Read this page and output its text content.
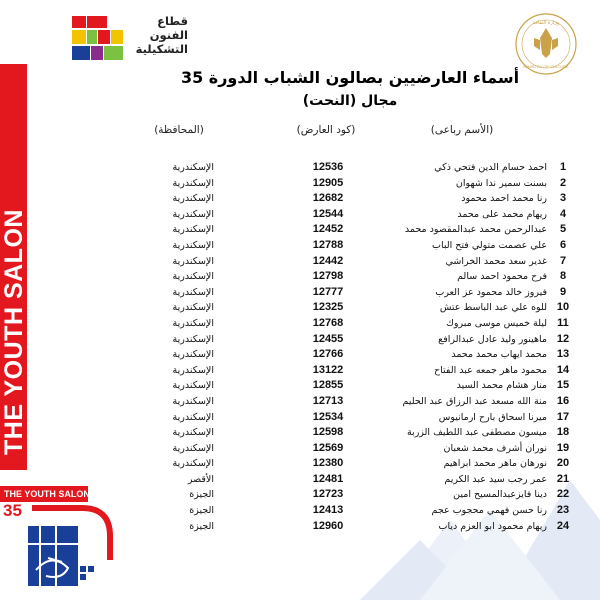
THE YOUTH SALON
THE YOUTH SALON
35
قطاع
الفنون
التشكيلية
وزارة الثقافة
MINISTRY OF CULTURE
أسماء العارضيين بصالون الشباب الدورة 35
مجال (النحت)
(الأسم رباعى)
(كود العارض)
(المحافظة)
1
احمد حسام الدين فتحي ذكي
12536
الإسكندرية
2
بسنت سمير ندا شهوان
12905
الإسكندرية
3
رنا محمد احمد محمود
12682
الإسكندرية
4
ريهام محمد على محمد
12544
الإسكندرية
5
عبدالرحمن محمد عبدالمقصود محمد
12452
الإسكندرية
6
علي عصمت متولي فتح الباب
12788
الإسكندرية
7
غدير سعد محمد الخراشي
12442
الإسكندرية
8
فرح محمود احمد سالم
12798
الإسكندرية
9
فيروز خالد محمود عز العرب
12777
الإسكندرية
10
للوه علي عبد الباسط عتش
12325
الإسكندرية
11
ليلة خميس موسى مبروك
12768
الإسكندرية
12
ماهينور وليد عادل عبدالرافع
12455
الإسكندرية
13
محمد ايهاب محمد محمد
12766
الإسكندرية
14
محمود ماهر جمعه عبد الفتاح
13122
الإسكندرية
15
منار هشام محمد السيد
12855
الإسكندرية
16
منة الله مسعد عبد الرزاق عبد الحليم
12713
الإسكندرية
17
ميرنا اسحاق بارح ارمانيوس
12534
الإسكندرية
18
ميسون مصطفى عبد اللطيف الزربة
12598
الإسكندرية
19
نوران أشرف محمد شعبان
12569
الإسكندرية
20
نورهان ماهر محمد ابراهيم
12380
الإسكندرية
21
عمر رجب سيد عبد الكريم
12481
الأقصر
22
دينا فايزعبدالمسيح امين
12723
الجيزة
23
رنا حسن فهمي محجوب عجم
12413
الجيزة
24
ريهام محمود ابو العزم دياب
12960
الجيزة
